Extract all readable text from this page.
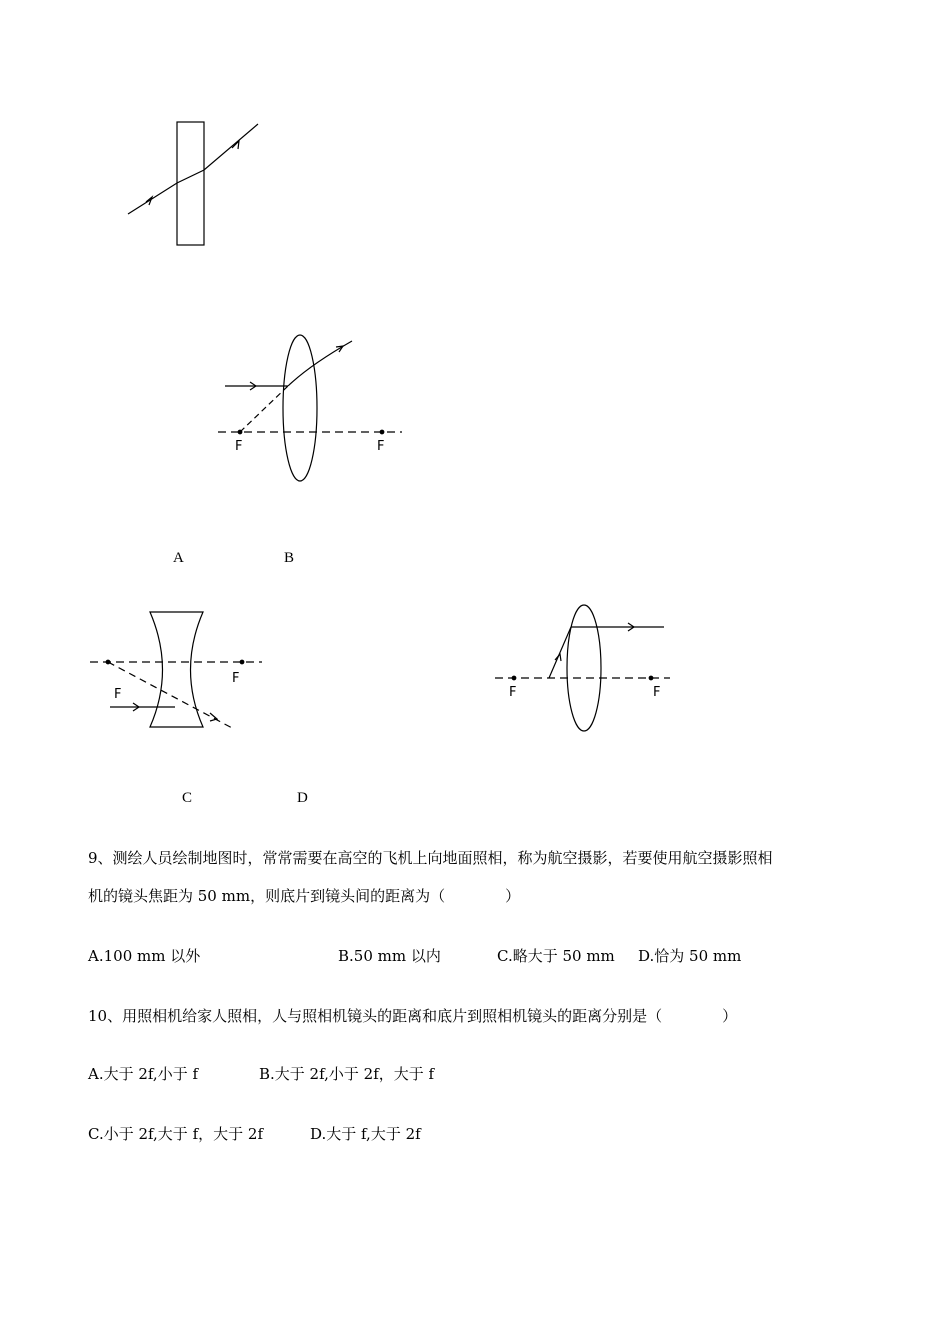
F	F
F
F
F	F
A	B
C	D
9、测绘人员绘制地图时，常常需要在高空的飞机上向地面照相，称为航空摄影，若要使用航空摄影照相
机的镜头焦距为 50 mm，则底片到镜头间的距离为（　　　　）
A.100 mm 以外	B.50 mm 以内	C.略大于 50 mm D.恰为 50 mm
10、用照相机给家人照相，人与照相机镜头的距离和底片到照相机镜头的距离分别是（　　　　）
A.大于 2f,小于 f	B.大于 2f,小于 2f，大于 f
C.小于 2f,大于 f，大于 2f	D.大于 f,大于 2f
